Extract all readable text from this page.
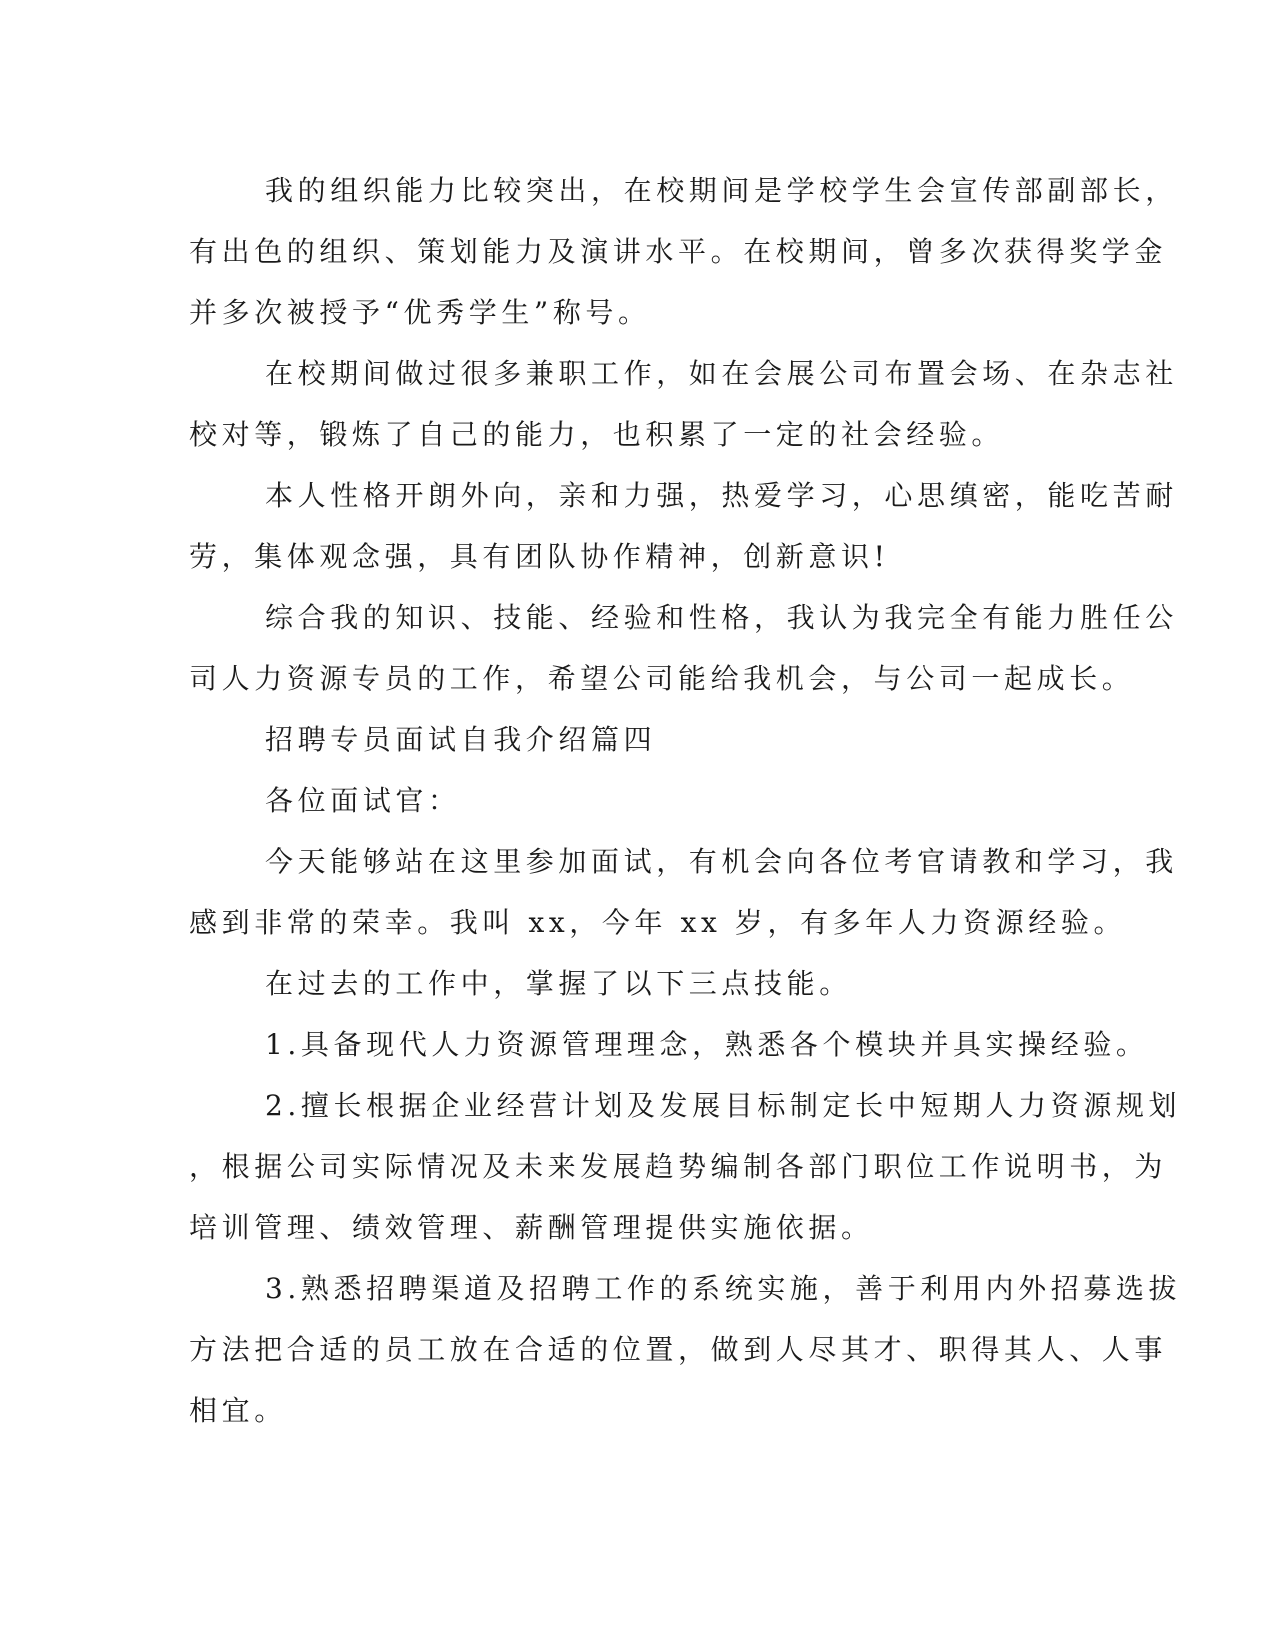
我的组织能力比较突出，在校期间是学校学生会宣传部副部长，
有出色的组织、策划能力及演讲水平。在校期间，曾多次获得奖学金
并多次被授予“优秀学生”称号。
在校期间做过很多兼职工作，如在会展公司布置会场、在杂志社
校对等，锻炼了自己的能力，也积累了一定的社会经验。
本人性格开朗外向，亲和力强，热爱学习，心思缜密，能吃苦耐
劳，集体观念强，具有团队协作精神，创新意识!
综合我的知识、技能、经验和性格，我认为我完全有能力胜任公
司人力资源专员的工作，希望公司能给我机会，与公司一起成长。
招聘专员面试自我介绍篇四
各位面试官：
今天能够站在这里参加面试，有机会向各位考官请教和学习，我
感到非常的荣幸。我叫 xx，今年 xx 岁，有多年人力资源经验。
在过去的工作中，掌握了以下三点技能。
1.具备现代人力资源管理理念，熟悉各个模块并具实操经验。
2.擅长根据企业经营计划及发展目标制定长中短期人力资源规划
，根据公司实际情况及未来发展趋势编制各部门职位工作说明书，为
培训管理、绩效管理、薪酬管理提供实施依据。
3.熟悉招聘渠道及招聘工作的系统实施，善于利用内外招募选拔
方法把合适的员工放在合适的位置，做到人尽其才、职得其人、人事
相宜。
